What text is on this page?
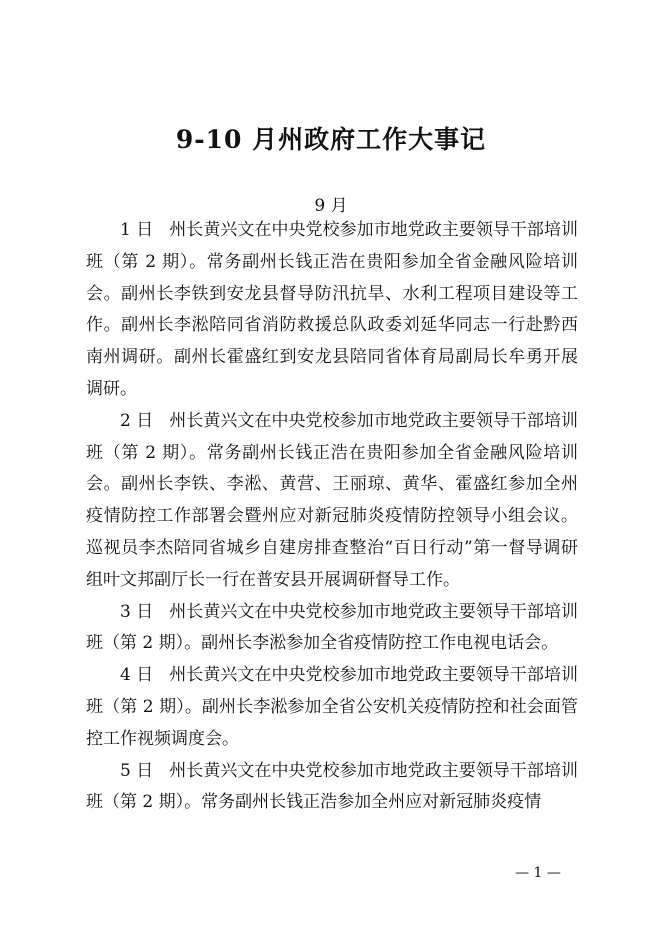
9-10 月州政府工作大事记

9 月

1 日 州长黄兴文在中央党校参加市地党政主要领导干部培训班（第 2 期）。常务副州长钱正浩在贵阳参加全省金融风险培训会。副州长李铁到安龙县督导防汛抗旱、水利工程项目建设等工作。副州长李淞陪同省消防救援总队政委刘延华同志一行赴黔西南州调研。副州长霍盛红到安龙县陪同省体育局副局长牟勇开展调研。

2 日 州长黄兴文在中央党校参加市地党政主要领导干部培训班（第 2 期）。常务副州长钱正浩在贵阳参加全省金融风险培训会。副州长李铁、李淞、黄营、王丽琼、黄华、霍盛红参加全州疫情防控工作部署会暨州应对新冠肺炎疫情防控领导小组会议。巡视员李杰陪同省城乡自建房排查整治“百日行动”第一督导调研组叶文邦副厅长一行在普安县开展调研督导工作。

3 日 州长黄兴文在中央党校参加市地党政主要领导干部培训班（第 2 期）。副州长李淞参加全省疫情防控工作电视电话会。

4 日 州长黄兴文在中央党校参加市地党政主要领导干部培训班（第 2 期）。副州长李淞参加全省公安机关疫情防控和社会面管控工作视频调度会。

5 日 州长黄兴文在中央党校参加市地党政主要领导干部培训班（第 2 期）。常务副州长钱正浩参加全州应对新冠肺炎疫情

— 1 —
